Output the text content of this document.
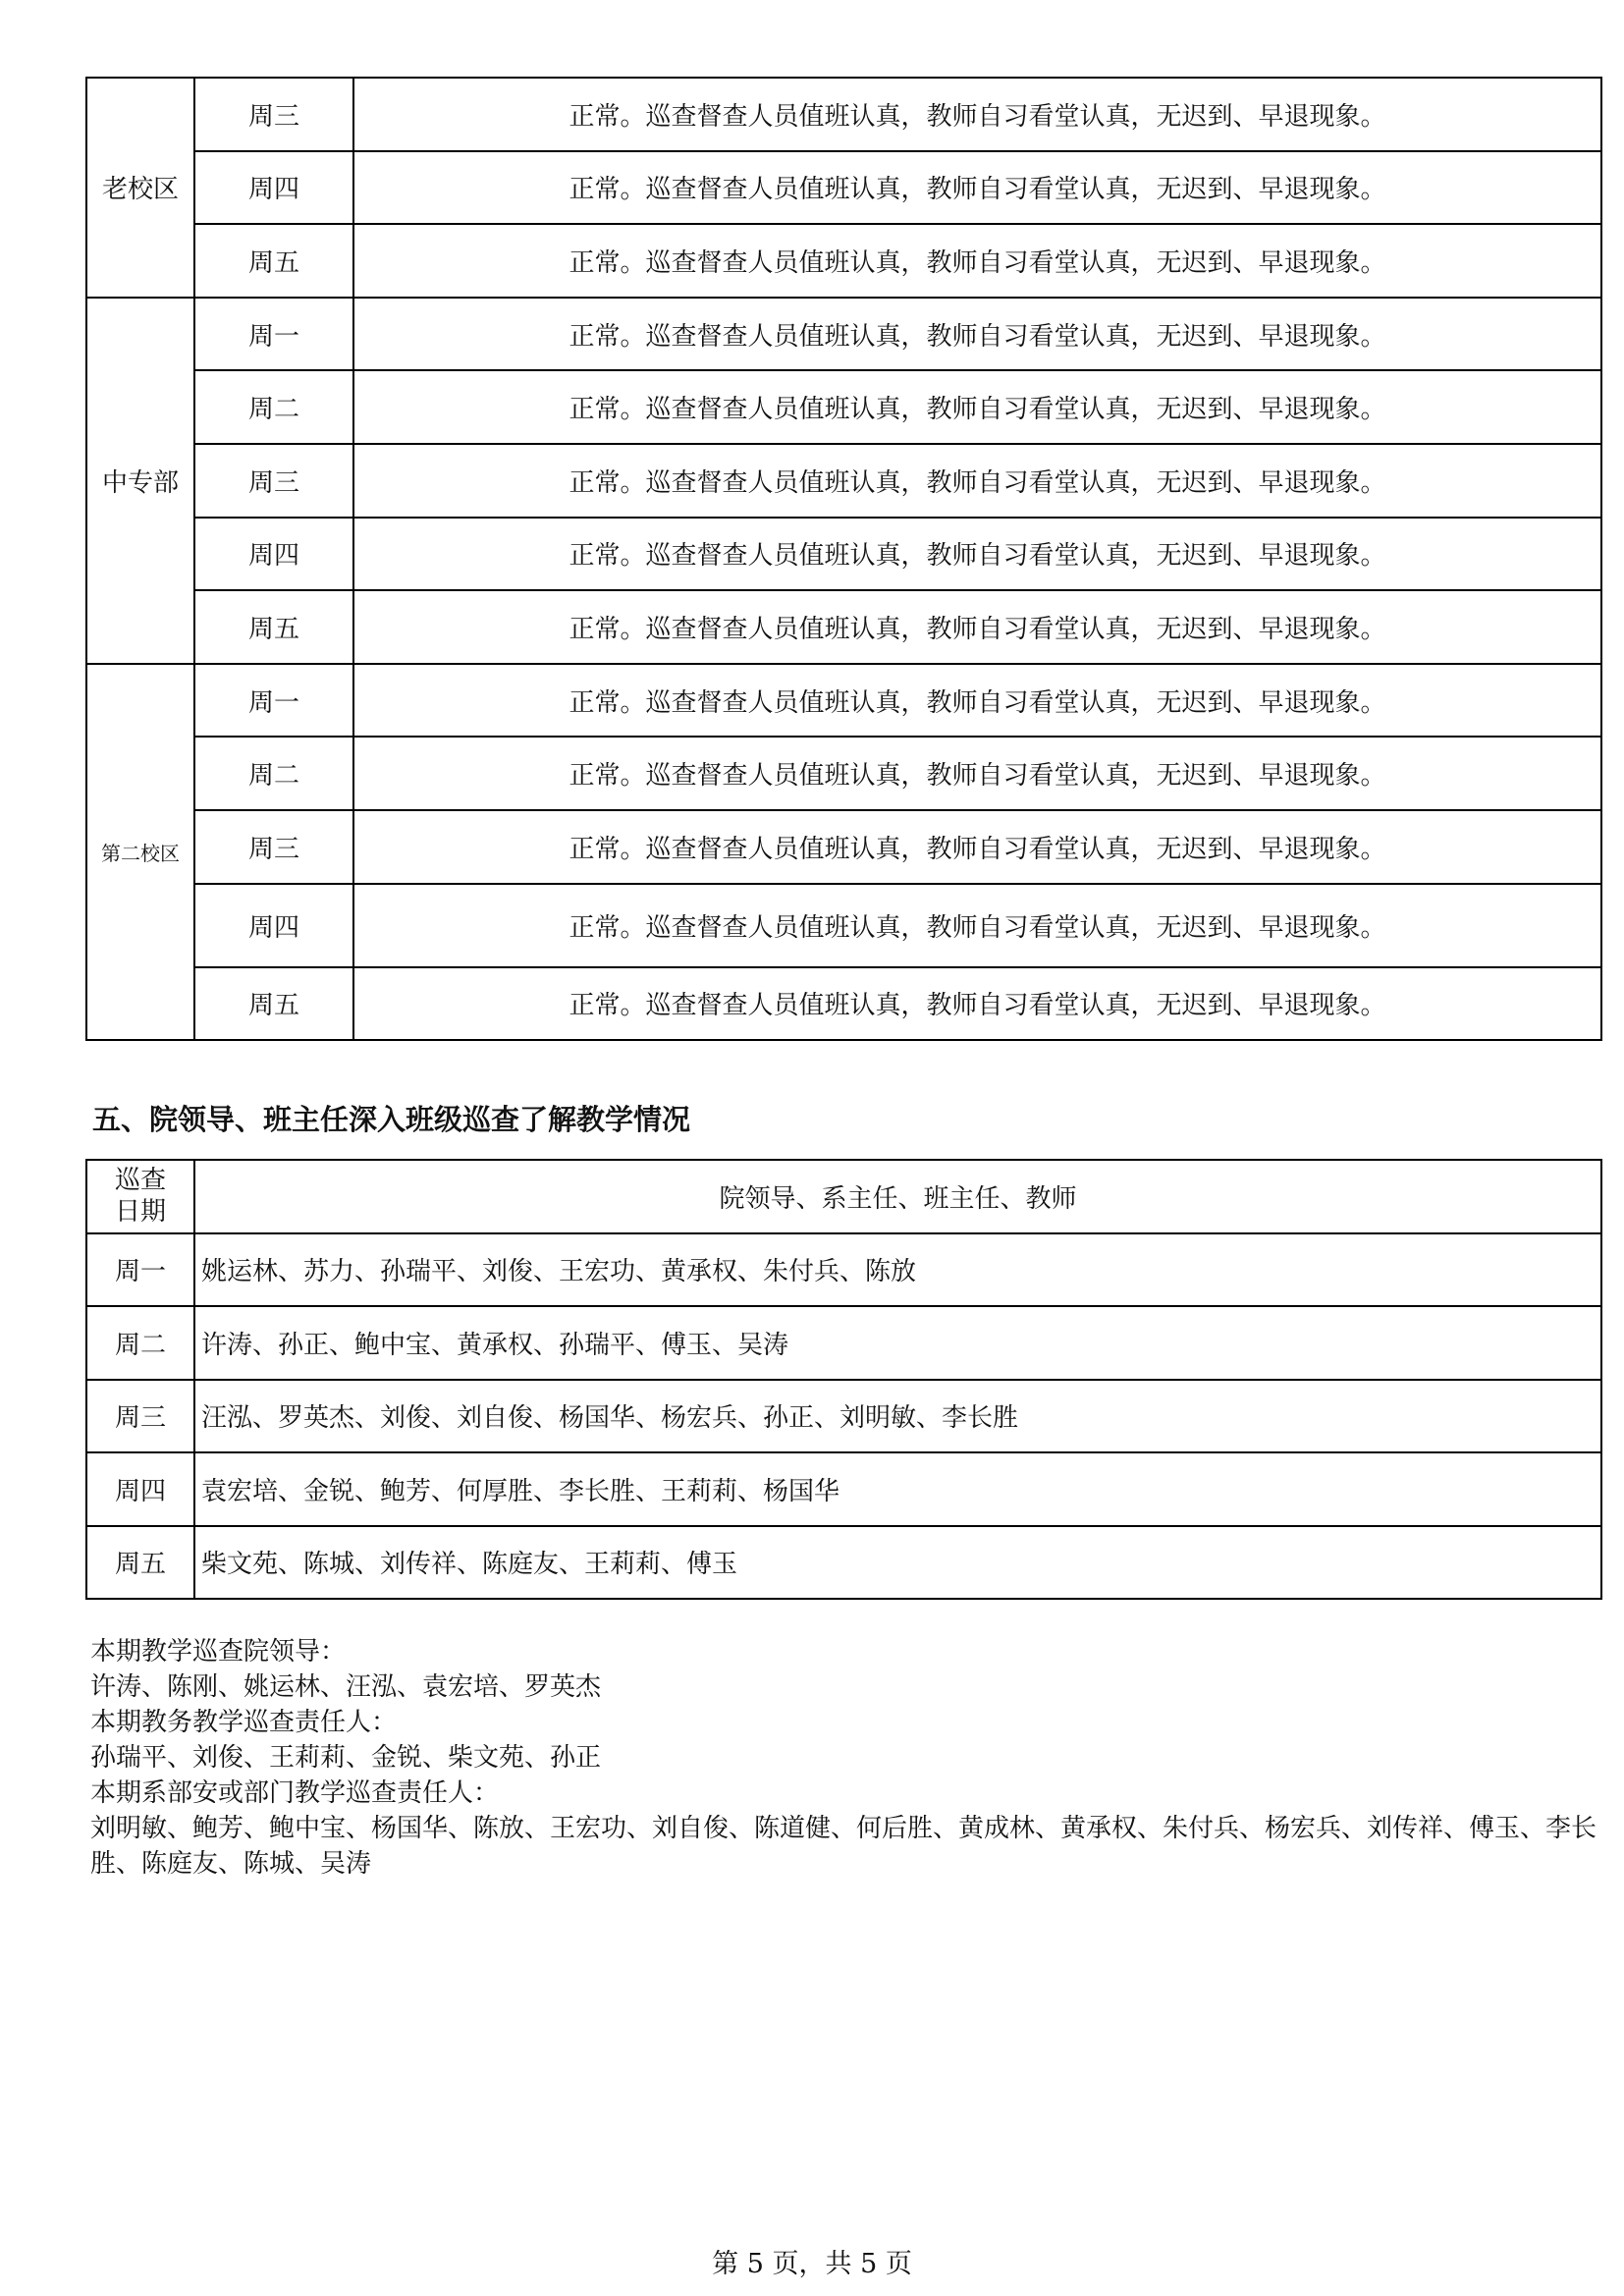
老校区	周三	正常。巡查督查人员值班认真，教师自习看堂认真，无迟到、早退现象。
	周四	正常。巡查督查人员值班认真，教师自习看堂认真，无迟到、早退现象。
	周五	正常。巡查督查人员值班认真，教师自习看堂认真，无迟到、早退现象。
中专部	周一	正常。巡查督查人员值班认真，教师自习看堂认真，无迟到、早退现象。
	周二	正常。巡查督查人员值班认真，教师自习看堂认真，无迟到、早退现象。
	周三	正常。巡查督查人员值班认真，教师自习看堂认真，无迟到、早退现象。
	周四	正常。巡查督查人员值班认真，教师自习看堂认真，无迟到、早退现象。
	周五	正常。巡查督查人员值班认真，教师自习看堂认真，无迟到、早退现象。
第二校区	周一	正常。巡查督查人员值班认真，教师自习看堂认真，无迟到、早退现象。
	周二	正常。巡查督查人员值班认真，教师自习看堂认真，无迟到、早退现象。
	周三	正常。巡查督查人员值班认真，教师自习看堂认真，无迟到、早退现象。
	周四	正常。巡查督查人员值班认真，教师自习看堂认真，无迟到、早退现象。
	周五	正常。巡查督查人员值班认真，教师自习看堂认真，无迟到、早退现象。
五、院领导、班主任深入班级巡查了解教学情况
巡查
日期	院领导、系主任、班主任、教师
周一	姚运林、苏力、孙瑞平、刘俊、王宏功、黄承权、朱付兵、陈放
周二	许涛、孙正、鲍中宝、黄承权、孙瑞平、傅玉、吴涛
周三	汪泓、罗英杰、刘俊、刘自俊、杨国华、杨宏兵、孙正、刘明敏、李长胜
周四	袁宏培、金锐、鲍芳、何厚胜、李长胜、王莉莉、杨国华
周五	柴文苑、陈城、刘传祥、陈庭友、王莉莉、傅玉

本期教学巡查院领导：

许涛、陈刚、姚运林、汪泓、袁宏培、罗英杰

本期教务教学巡查责任人：

孙瑞平、刘俊、王莉莉、金锐、柴文苑、孙正

本期系部安或部门教学巡查责任人：

刘明敏、鲍芳、鲍中宝、杨国华、陈放、王宏功、刘自俊、陈道健、何后胜、黄成林、黄承权、朱付兵、杨宏兵、刘传祥、傅玉、李长胜、陈庭友、陈城、吴涛

第 5 页，共 5 页
